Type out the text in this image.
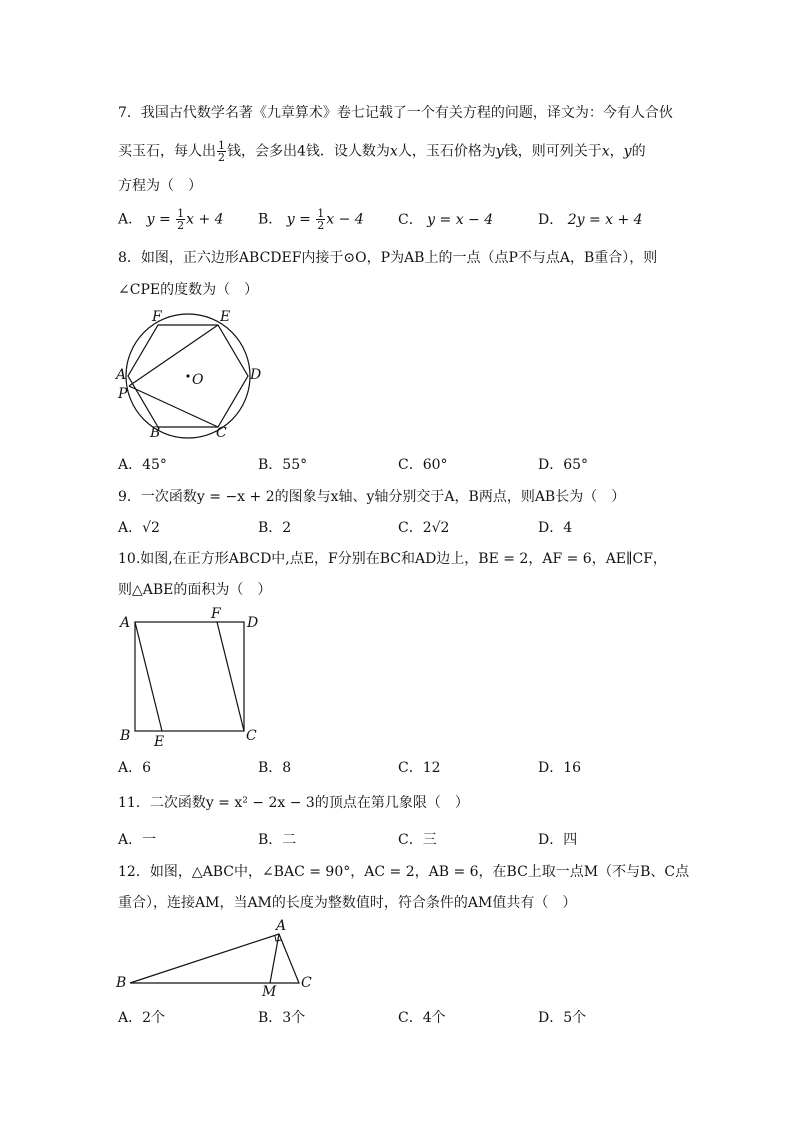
7．我国古代数学名著《九章算术》卷七记载了一个有关方程的问题，译文为：今有人合伙
买玉石，每人出 $\frac{1}{2}$ 钱，会多出4钱．设人数为x人，玉石价格为y钱，则可列关于x，y的
方程为（　）
A． $y = \frac{1}{2}$ x + 4 B． $y = \frac{1}{2}$ x − 4 C． y = x − 4	D． 2y = x + 4
8．如图，正六边形ABCDEF内接于⊙O，P为AB上的一点（点P不与点A，B重合），则
∠CPE的度数为（　）
F	E
A	D
O
P
B	C
A．45°	B．55°	C．60°	D．65°
9．一次函数y = −x + 2的图象与x轴、y轴分别交于A，B两点，则AB长为（　）
A．√2	B．2	C．2√2	D．4
10.如图,在正方形ABCD中,点E，F分别在BC和AD边上，BE = 2，AF = 6，AE∥CF，
则△ABE的面积为（　）
A
F
D
B E	C
A．6	B．8	C．12	D．16
11．二次函数y = x² − 2x − 3的顶点在第几象限（　）
A．一	B．二	C．三	D．四
12．如图，△ABC中，∠BAC = 90°，AC = 2，AB = 6，在BC上取一点M（不与B、C点
重合），连接AM，当AM的长度为整数值时，符合条件的AM值共有（　）
A
B
M
C
A．2个	B．3个	C．4个	D．5个
